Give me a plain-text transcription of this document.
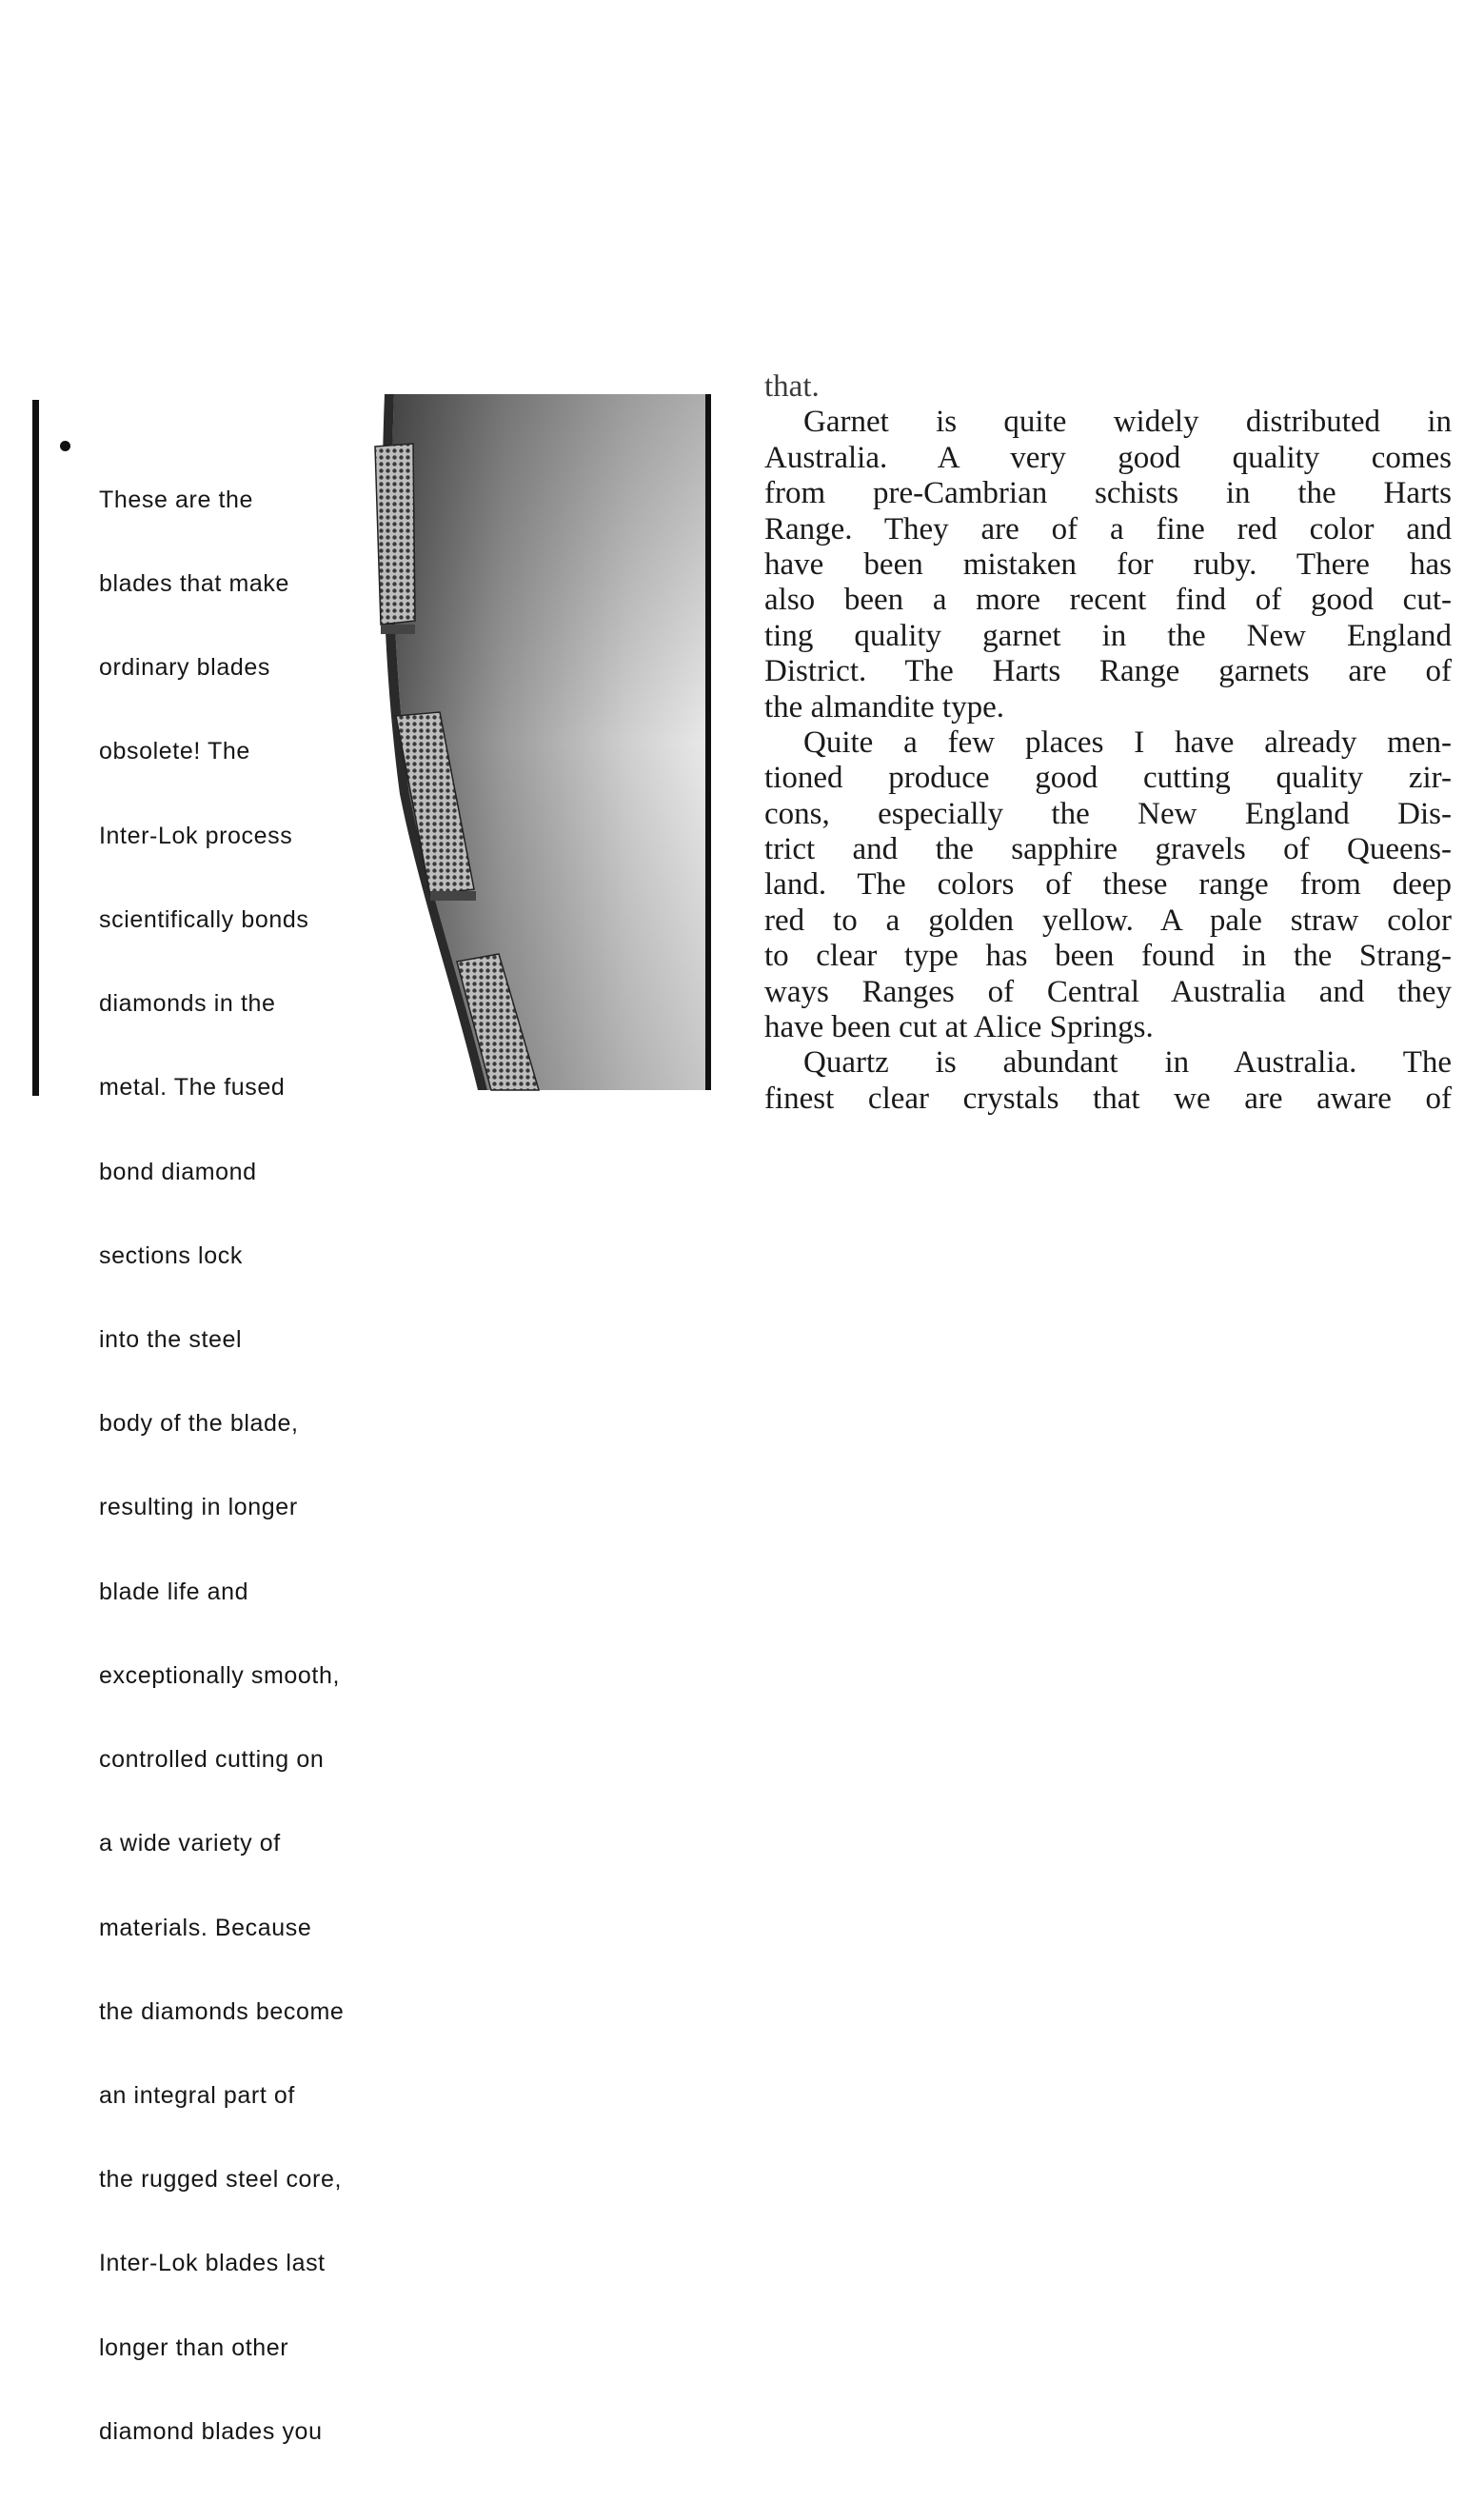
These are the

blades that make

ordinary blades

obsolete! The

Inter-Lok process

scientifically bonds

diamonds in the

metal. The fused

bond diamond

sections lock

into the steel

body of the blade,

resulting in longer

blade life and

exceptionally smooth,

controlled cutting on

a wide variety of

materials. Because

the diamonds become

an integral part of

the rugged steel core,

Inter-Lok blades last

longer than other

diamond blades you

that.
Garnet is quite widely distributed in
Australia. A very good quality comes
from pre-Cambrian schists in the Harts
Range. They are of a fine red color and
have been mistaken for ruby. There has
also been a more recent find of good cut-
ting quality garnet in the New England
District. The Harts Range garnets are of
the almandite type.
Quite a few places I have already men-
tioned produce good cutting quality zir-
cons, especially the New England Dis-
trict and the sapphire gravels of Queens-
land. The colors of these range from deep
red to a golden yellow. A pale straw color
to clear type has been found in the Strang-
ways Ranges of Central Australia and they
have been cut at Alice Springs.
Quartz is abundant in Australia. The
finest clear crystals that we are aware of
